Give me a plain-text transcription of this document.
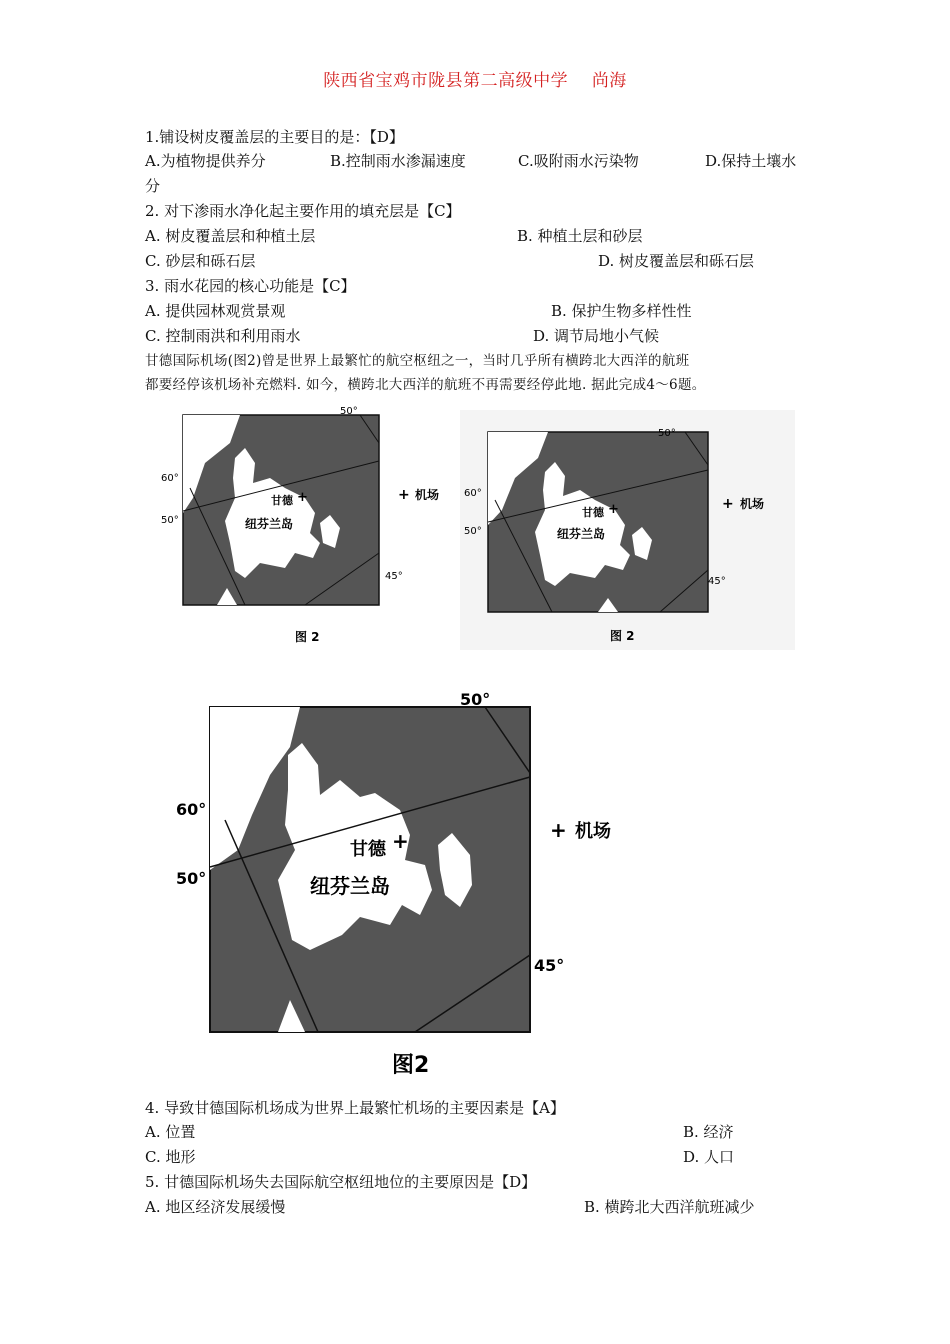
陕西省宝鸡市陇县第二高级中学 尚海
1.铺设树皮覆盖层的主要目的是：【D】
A.为植物提供养分	B.控制雨水渗漏速度	C.吸附雨水污染物	D.保持土壤水
分
2. 对下渗雨水净化起主要作用的填充层是【C】
A. 树皮覆盖层和种植土层	B. 种植土层和砂层
C. 砂层和砾石层	D. 树皮覆盖层和砾石层
3. 雨水花园的核心功能是【C】
A. 提供园林观赏景观	B. 保护生物多样性性
C. 控制雨洪和利用雨水	D. 调节局地小气候
甘德国际机场(图2)曾是世界上最繁忙的航空枢纽之一，当时几乎所有横跨北大西洋的航班
都要经停该机场补充燃料. 如今，横跨北大西洋的航班不再需要经停此地. 据此完成4～6题。
50°
60°
50°
45°
甘德 +
纽芬兰岛
+ 机场
图 2
50°
60°
50°
45°
甘德 +
纽芬兰岛
+ 机场
图 2
50°
60°
50°
45°
甘德 +
纽芬兰岛
+ 机场
图2
4. 导致甘德国际机场成为世界上最繁忙机场的主要因素是【A】
A. 位置	B. 经济
C. 地形	D. 人口
5. 甘德国际机场失去国际航空枢纽地位的主要原因是【D】
A. 地区经济发展缓慢	B. 横跨北大西洋航班减少
